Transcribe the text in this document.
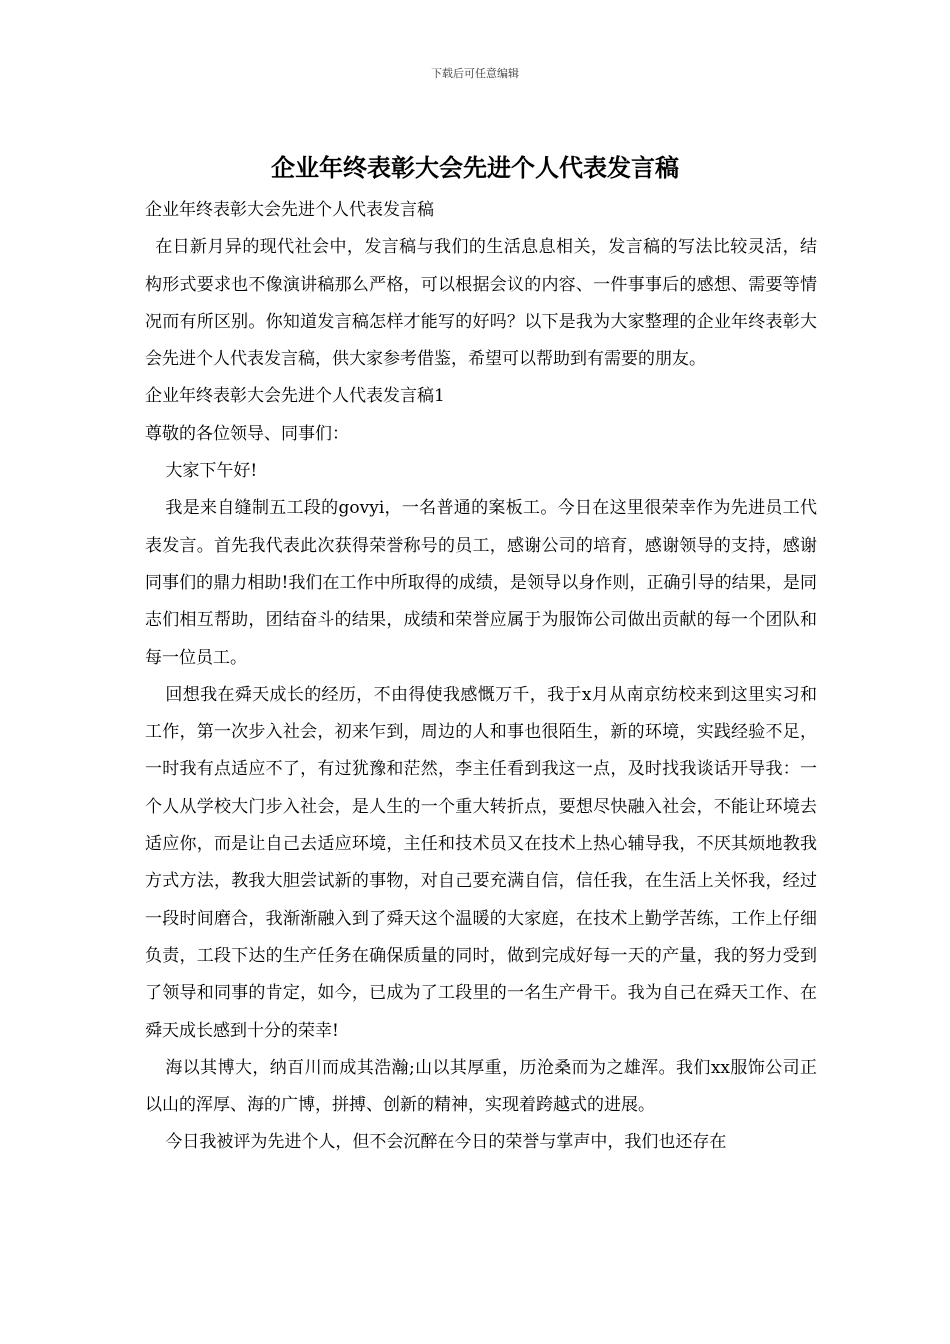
下载后可任意编辑
企业年终表彰大会先进个人代表发言稿

企业年终表彰大会先进个人代表发言稿

在日新月异的现代社会中，发言稿与我们的生活息息相关，发言稿的写法比较灵活，结构形式要求也不像演讲稿那么严格，可以根据会议的内容、一件事事后的感想、需要等情况而有所区别。你知道发言稿怎样才能写的好吗？以下是我为大家整理的企业年终表彰大会先进个人代表发言稿，供大家参考借鉴，希望可以帮助到有需要的朋友。

企业年终表彰大会先进个人代表发言稿1

尊敬的各位领导、同事们：

大家下午好!

我是来自缝制五工段的govyi，一名普通的案板工。今日在这里很荣幸作为先进员工代表发言。首先我代表此次获得荣誉称号的员工，感谢公司的培育，感谢领导的支持，感谢同事们的鼎力相助!我们在工作中所取得的成绩，是领导以身作则，正确引导的结果，是同志们相互帮助，团结奋斗的结果，成绩和荣誉应属于为服饰公司做出贡献的每一个团队和每一位员工。

回想我在舜天成长的经历，不由得使我感慨万千，我于x月从南京纺校来到这里实习和工作，第一次步入社会，初来乍到，周边的人和事也很陌生，新的环境，实践经验不足，一时我有点适应不了，有过犹豫和茫然，李主任看到我这一点，及时找我谈话开导我：一个人从学校大门步入社会，是人生的一个重大转折点，要想尽快融入社会，不能让环境去适应你，而是让自己去适应环境，主任和技术员又在技术上热心辅导我，不厌其烦地教我方式方法，教我大胆尝试新的事物，对自己要充满自信，信任我，在生活上关怀我，经过一段时间磨合，我渐渐融入到了舜天这个温暖的大家庭，在技术上勤学苦练，工作上仔细负责，工段下达的生产任务在确保质量的同时，做到完成好每一天的产量，我的努力受到了领导和同事的肯定，如今，已成为了工段里的一名生产骨干。我为自己在舜天工作、在舜天成长感到十分的荣幸!

海以其博大，纳百川而成其浩瀚;山以其厚重，历沧桑而为之雄浑。我们xx服饰公司正以山的浑厚、海的广博，拼搏、创新的精神，实现着跨越式的进展。

今日我被评为先进个人，但不会沉醉在今日的荣誉与掌声中，我们也还存在
